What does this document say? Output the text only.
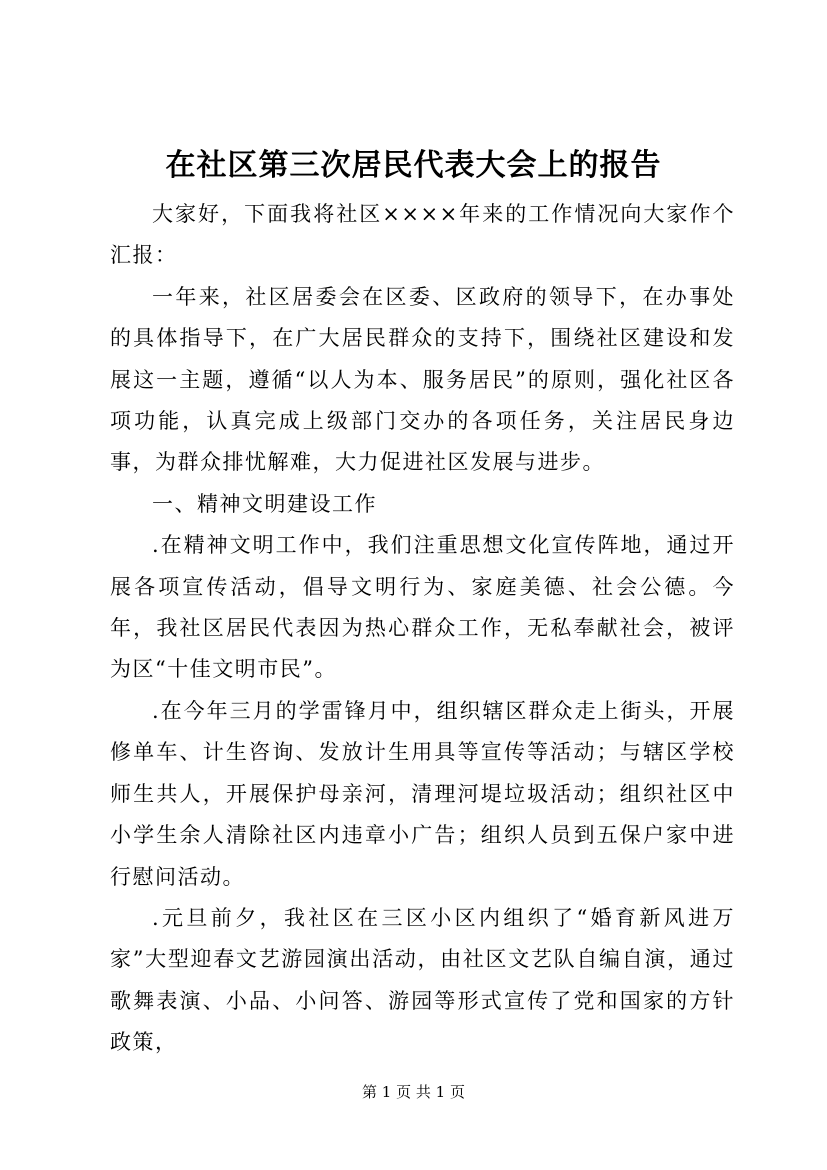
在社区第三次居民代表大会上的报告

大家好，下面我将社区××××年来的工作情况向大家作个汇报：

一年来，社区居委会在区委、区政府的领导下，在办事处的具体指导下，在广大居民群众的支持下，围绕社区建设和发展这一主题，遵循“以人为本、服务居民”的原则，强化社区各项功能，认真完成上级部门交办的各项任务，关注居民身边事，为群众排忧解难，大力促进社区发展与进步。

一、精神文明建设工作

.在精神文明工作中，我们注重思想文化宣传阵地，通过开展各项宣传活动，倡导文明行为、家庭美德、社会公德。今年，我社区居民代表因为热心群众工作，无私奉献社会，被评为区“十佳文明市民”。

.在今年三月的学雷锋月中，组织辖区群众走上街头，开展修单车、计生咨询、发放计生用具等宣传等活动；与辖区学校师生共人，开展保护母亲河，清理河堤垃圾活动；组织社区中小学生余人清除社区内违章小广告；组织人员到五保户家中进行慰问活动。

.元旦前夕，我社区在三区小区内组织了“婚育新风进万家”大型迎春文艺游园演出活动，由社区文艺队自编自演，通过歌舞表演、小品、小问答、游园等形式宣传了党和国家的方针政策，

第 1 页 共 1 页
